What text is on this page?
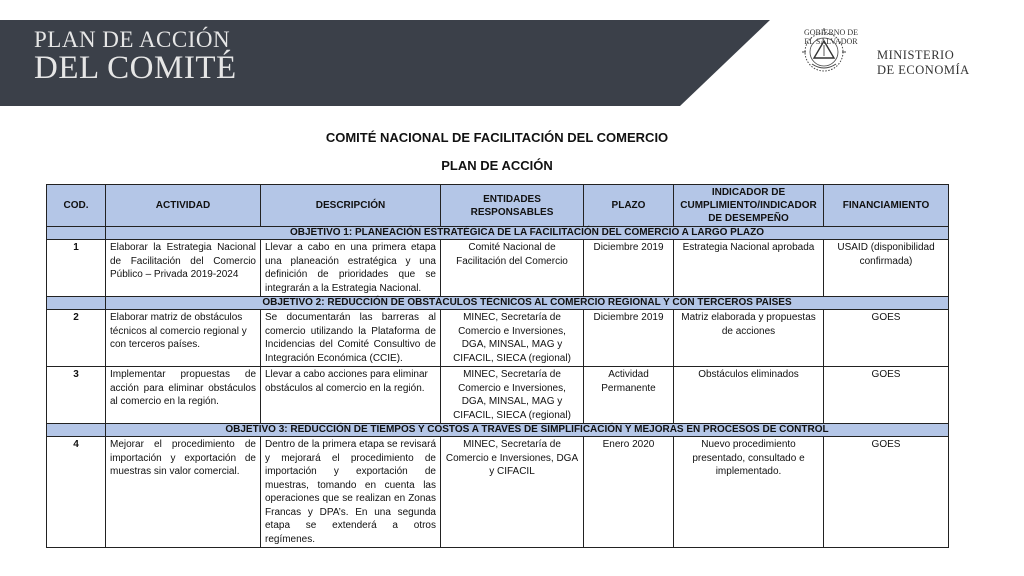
PLAN DE ACCIÓN
DEL COMITÉ
GOBIERNO DE
EL SALVADOR
MINISTERIO
DE ECONOMÍA
COMITÉ NACIONAL DE FACILITACIÓN DEL COMERCIO
PLAN DE ACCIÓN
COD.	ACTIVIDAD	DESCRIPCIÓN	ENTIDADES RESPONSABLES	PLAZO	INDICADOR DE CUMPLIMIENTO/INDICADOR DE DESEMPEÑO	FINANCIAMIENTO
	OBJETIVO 1: PLANEACIÓN ESTRATÉGICA DE LA FACILITACIÓN DEL COMERCIO A LARGO PLAZO					
1	Elaborar la Estrategia Nacional de Facilitación del Comercio Público – Privada 2019-2024	Llevar a cabo en una primera etapa una planeación estratégica y una definición de prioridades que se integrarán a la Estrategia Nacional.	Comité Nacional de Facilitación del Comercio	Diciembre 2019	Estrategia Nacional aprobada	USAID (disponibilidad confirmada)
	OBJETIVO 2: REDUCCIÓN DE OBSTÁCULOS TÉCNICOS AL COMERCIO REGIONAL Y CON TERCEROS PAÍSES					
2	Elaborar matriz de obstáculos técnicos al comercio regional y con terceros países.	Se documentarán las barreras al comercio utilizando la Plataforma de Incidencias del Comité Consultivo de Integración Económica (CCIE).	MINEC, Secretaría de Comercio e Inversiones, DGA, MINSAL, MAG y CIFACIL, SIECA (regional)	Diciembre 2019	Matriz elaborada y propuestas de acciones	GOES
3	Implementar propuestas de acción para eliminar obstáculos al comercio en la región.	Llevar a cabo acciones para eliminar obstáculos al comercio en la región.	MINEC, Secretaría de Comercio e Inversiones, DGA, MINSAL, MAG y CIFACIL, SIECA (regional)	Actividad Permanente	Obstáculos eliminados	GOES
	OBJETIVO 3: REDUCCIÓN DE TIEMPOS Y COSTOS A TRAVÉS DE SIMPLIFICACIÓN Y MEJORAS EN PROCESOS DE CONTROL					
4	Mejorar el procedimiento de importación y exportación de muestras sin valor comercial.	Dentro de la primera etapa se revisará y mejorará el procedimiento de importación y exportación de muestras, tomando en cuenta las operaciones que se realizan en Zonas Francas y DPA’s. En una segunda etapa se extenderá a otros regímenes.	MINEC, Secretaría de Comercio e Inversiones, DGA y CIFACIL	Enero 2020	Nuevo procedimiento presentado, consultado e implementado.	GOES
